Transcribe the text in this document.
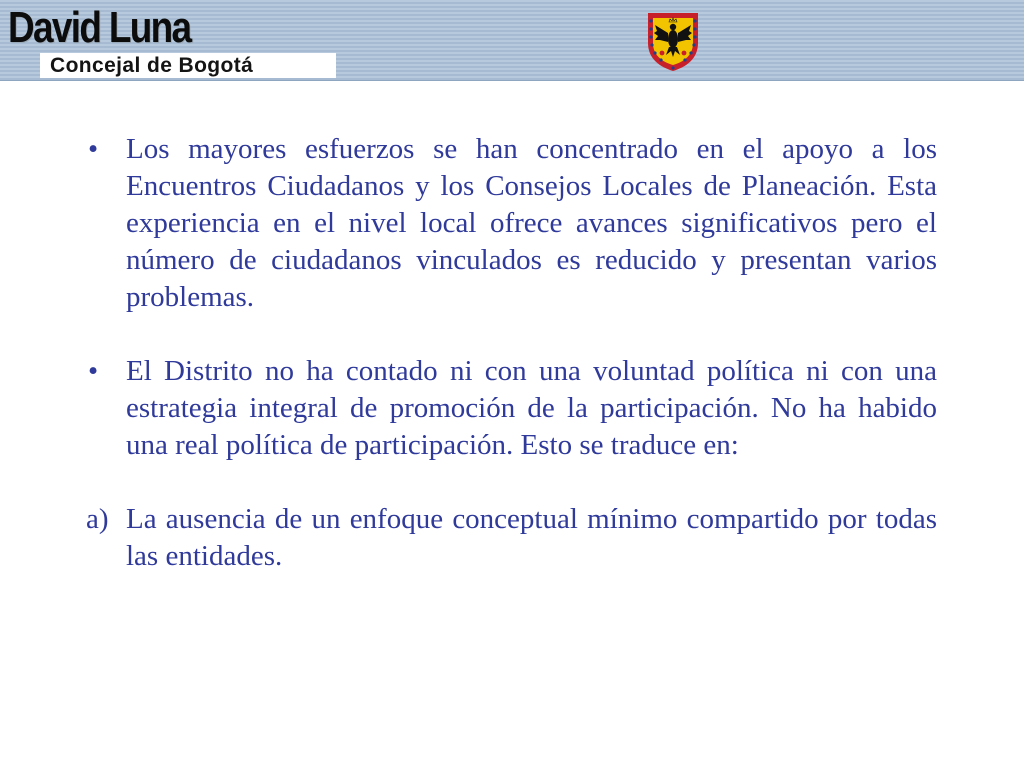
David Luna
Concejal de Bogotá

• Los mayores esfuerzos se han concentrado en el apoyo a los Encuentros Ciudadanos y los Consejos Locales de Planeación. Esta experiencia en el nivel local ofrece avances significativos pero el número de ciudadanos vinculados es reducido y presentan varios problemas.

• El Distrito no ha contado ni con una voluntad política ni con una estrategia integral de promoción de la participación. No ha habido una real política de participación. Esto se traduce en:

a) La ausencia de un enfoque conceptual mínimo compartido por todas las entidades.
